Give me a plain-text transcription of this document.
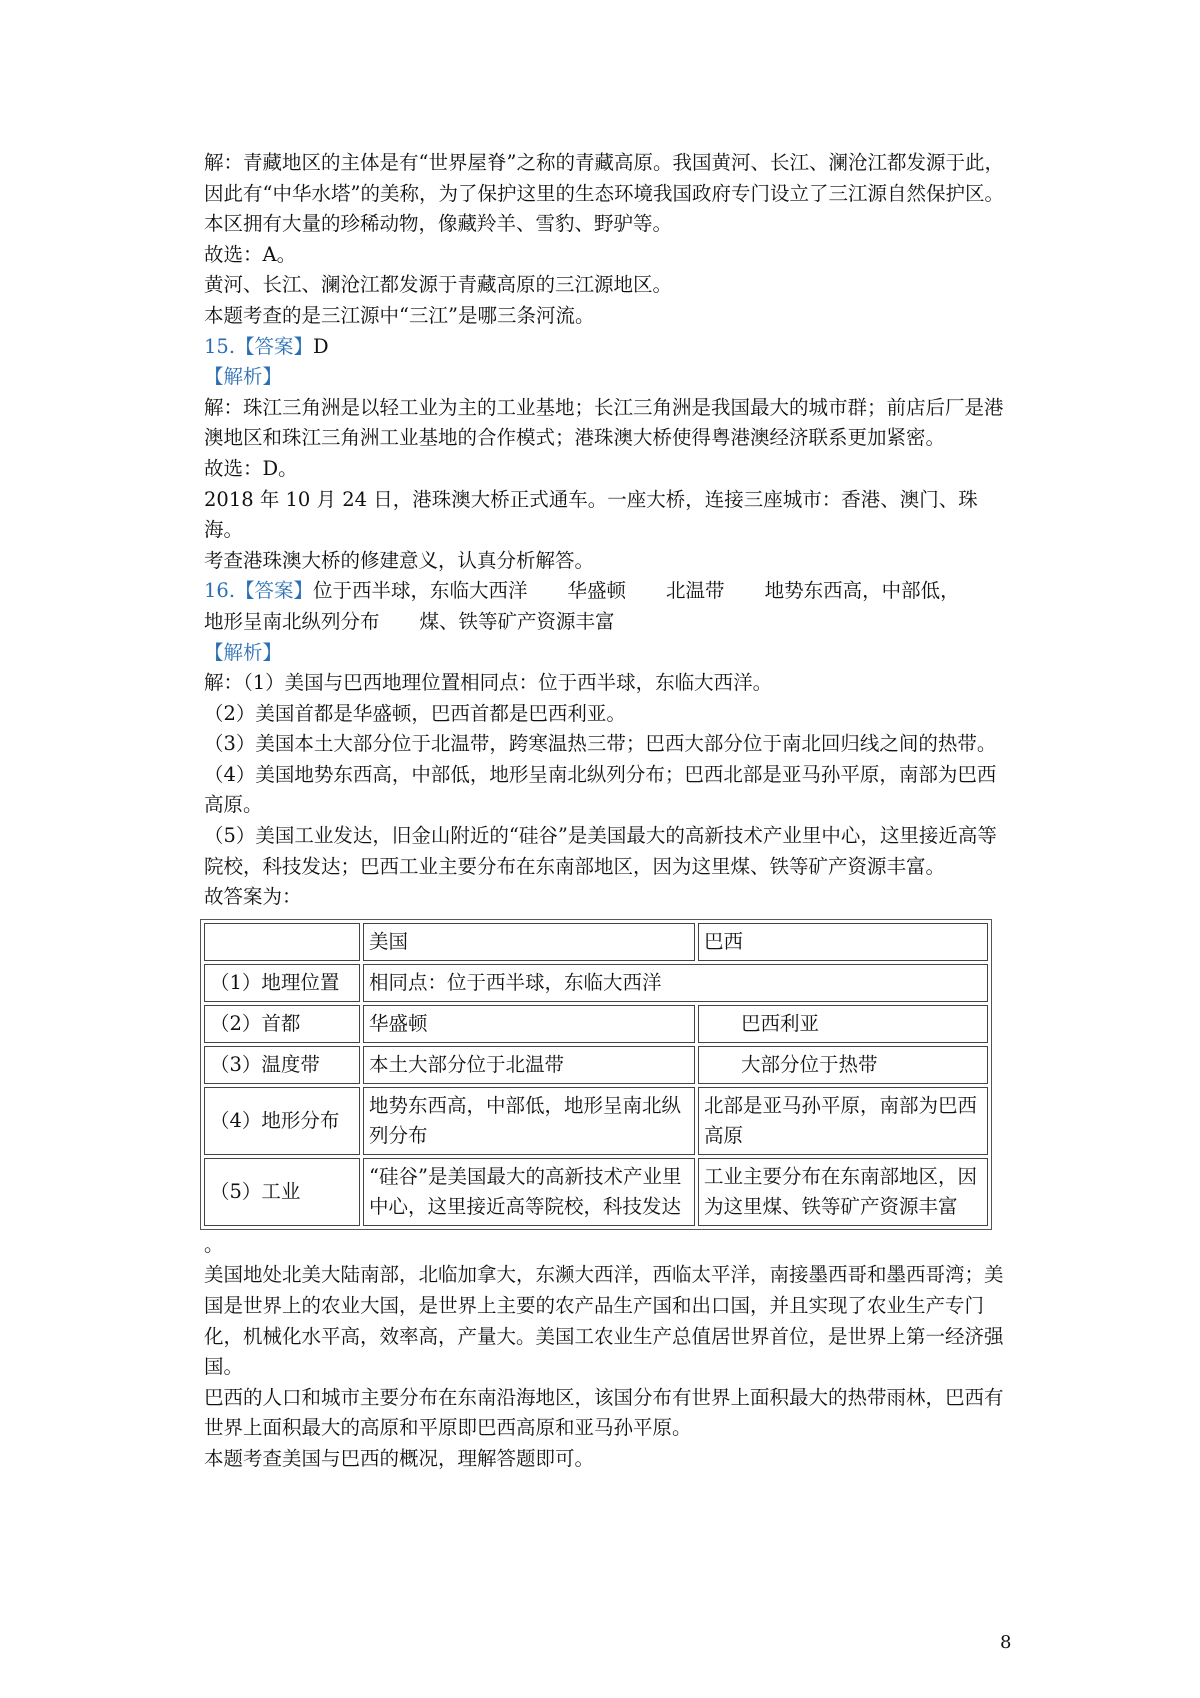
解：青藏地区的主体是有“世界屋脊”之称的青藏高原。我国黄河、长江、澜沧江都发源于此，因此有“中华水塔”的美称，为了保护这里的生态环境我国政府专门设立了三江源自然保护区。本区拥有大量的珍稀动物，像藏羚羊、雪豹、野驴等。

故选：A。

黄河、长江、澜沧江都发源于青藏高原的三江源地区。

本题考查的是三江源中“三江”是哪三条河流。

15.【答案】D

【解析】

解：珠江三角洲是以轻工业为主的工业基地；长江三角洲是我国最大的城市群；前店后厂是港澳地区和珠江三角洲工业基地的合作模式；港珠澳大桥使得粤港澳经济联系更加紧密。

故选：D。

2018 年 10 月 24 日，港珠澳大桥正式通车。一座大桥，连接三座城市：香港、澳门、珠海。

考查港珠澳大桥的修建意义，认真分析解答。

16.【答案】位于西半球，东临大西洋 华盛顿 北温带 地势东西高，中部低，

地形呈南北纵列分布 煤、铁等矿产资源丰富

【解析】

解：（1）美国与巴西地理位置相同点：位于西半球，东临大西洋。

（2）美国首都是华盛顿，巴西首都是巴西利亚。

（3）美国本土大部分位于北温带，跨寒温热三带；巴西大部分位于南北回归线之间的热带。

（4）美国地势东西高，中部低，地形呈南北纵列分布；巴西北部是亚马孙平原，南部为巴西高原。

（5）美国工业发达，旧金山附近的“硅谷”是美国最大的高新技术产业里中心，这里接近高等院校，科技发达；巴西工业主要分布在东南部地区，因为这里煤、铁等矿产资源丰富。

故答案为：

	美国	巴西
（1）地理位置	相同点：位于西半球，东临大西洋	
（2）首都	华盛顿	巴西利亚
（3）温度带	本土大部分位于北温带	大部分位于热带
（4）地形分布	地势东西高，中部低，地形呈南北纵列分布	北部是亚马孙平原，南部为巴西高原
（5）工业	“硅谷”是美国最大的高新技术产业里中心，这里接近高等院校，科技发达	工业主要分布在东南部地区，因为这里煤、铁等矿产资源丰富

。

美国地处北美大陆南部，北临加拿大，东濒大西洋，西临太平洋，南接墨西哥和墨西哥湾；美国是世界上的农业大国，是世界上主要的农产品生产国和出口国，并且实现了农业生产专门化，机械化水平高，效率高，产量大。美国工农业生产总值居世界首位，是世界上第一经济强国。

巴西的人口和城市主要分布在东南沿海地区，该国分布有世界上面积最大的热带雨林，巴西有世界上面积最大的高原和平原即巴西高原和亚马孙平原。

本题考查美国与巴西的概况，理解答题即可。

8
